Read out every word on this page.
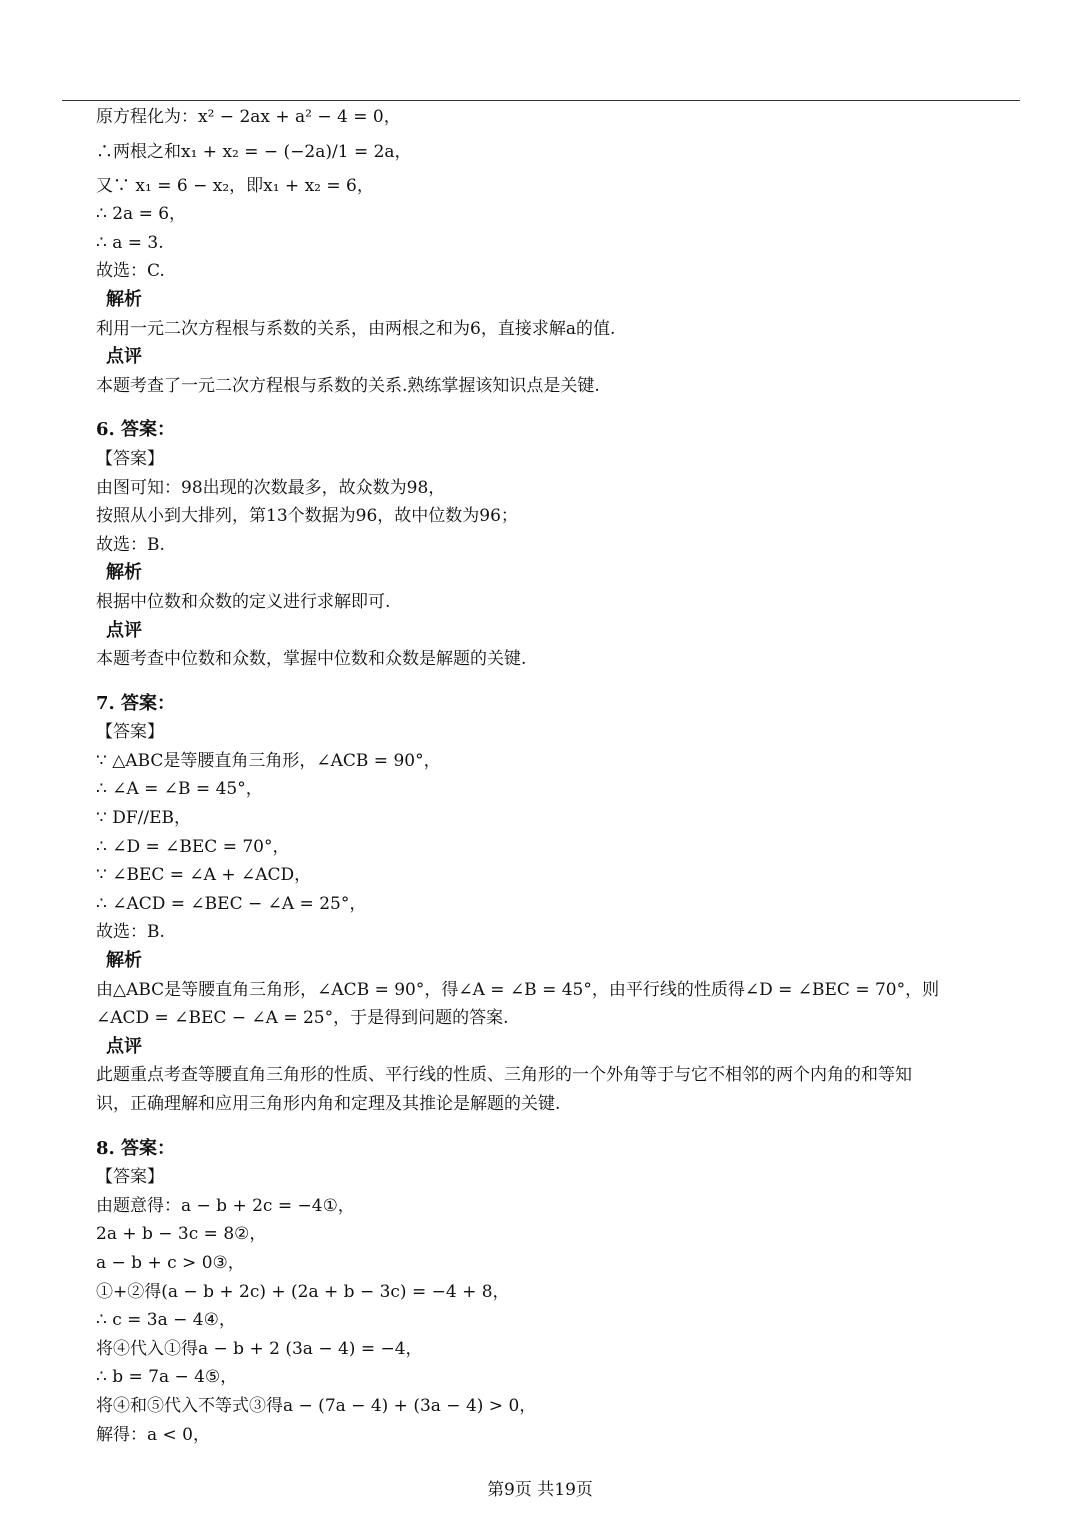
原方程化为：x² − 2ax + a² − 4 = 0，
∴两根之和x₁ + x₂ = − (−2a)/1 = 2a，
又∵ x₁ = 6 − x₂，即x₁ + x₂ = 6，
∴ 2a = 6，
∴ a = 3.
故选：C.
解析
利用一元二次方程根与系数的关系，由两根之和为6，直接求解a的值.
点评
本题考查了一元二次方程根与系数的关系.熟练掌握该知识点是关键.
6. 答案：
【答案】
由图可知：98出现的次数最多，故众数为98，
按照从小到大排列，第13个数据为96，故中位数为96；
故选：B.
解析
根据中位数和众数的定义进行求解即可.
点评
本题考查中位数和众数，掌握中位数和众数是解题的关键.
7. 答案：
【答案】
∵ △ABC是等腰直角三角形，∠ACB = 90°，
∴ ∠A = ∠B = 45°，
∵ DF//EB，
∴ ∠D = ∠BEC = 70°，
∵ ∠BEC = ∠A + ∠ACD，
∴ ∠ACD = ∠BEC − ∠A = 25°，
故选：B.
解析
由△ABC是等腰直角三角形，∠ACB = 90°，得∠A = ∠B = 45°，由平行线的性质得∠D = ∠BEC = 70°，则
∠ACD = ∠BEC − ∠A = 25°，于是得到问题的答案.
点评
此题重点考查等腰直角三角形的性质、平行线的性质、三角形的一个外角等于与它不相邻的两个内角的和等知
识，正确理解和应用三角形内角和定理及其推论是解题的关键.
8. 答案：
【答案】
由题意得：a − b + 2c = −4①，
2a + b − 3c = 8②，
a − b + c > 0③，
①+②得(a − b + 2c) + (2a + b − 3c) = −4 + 8，
∴ c = 3a − 4④，
将④代入①得a − b + 2 (3a − 4) = −4，
∴ b = 7a − 4⑤，
将④和⑤代入不等式③得a − (7a − 4) + (3a − 4) > 0，
解得：a < 0，
第9页 共19页
